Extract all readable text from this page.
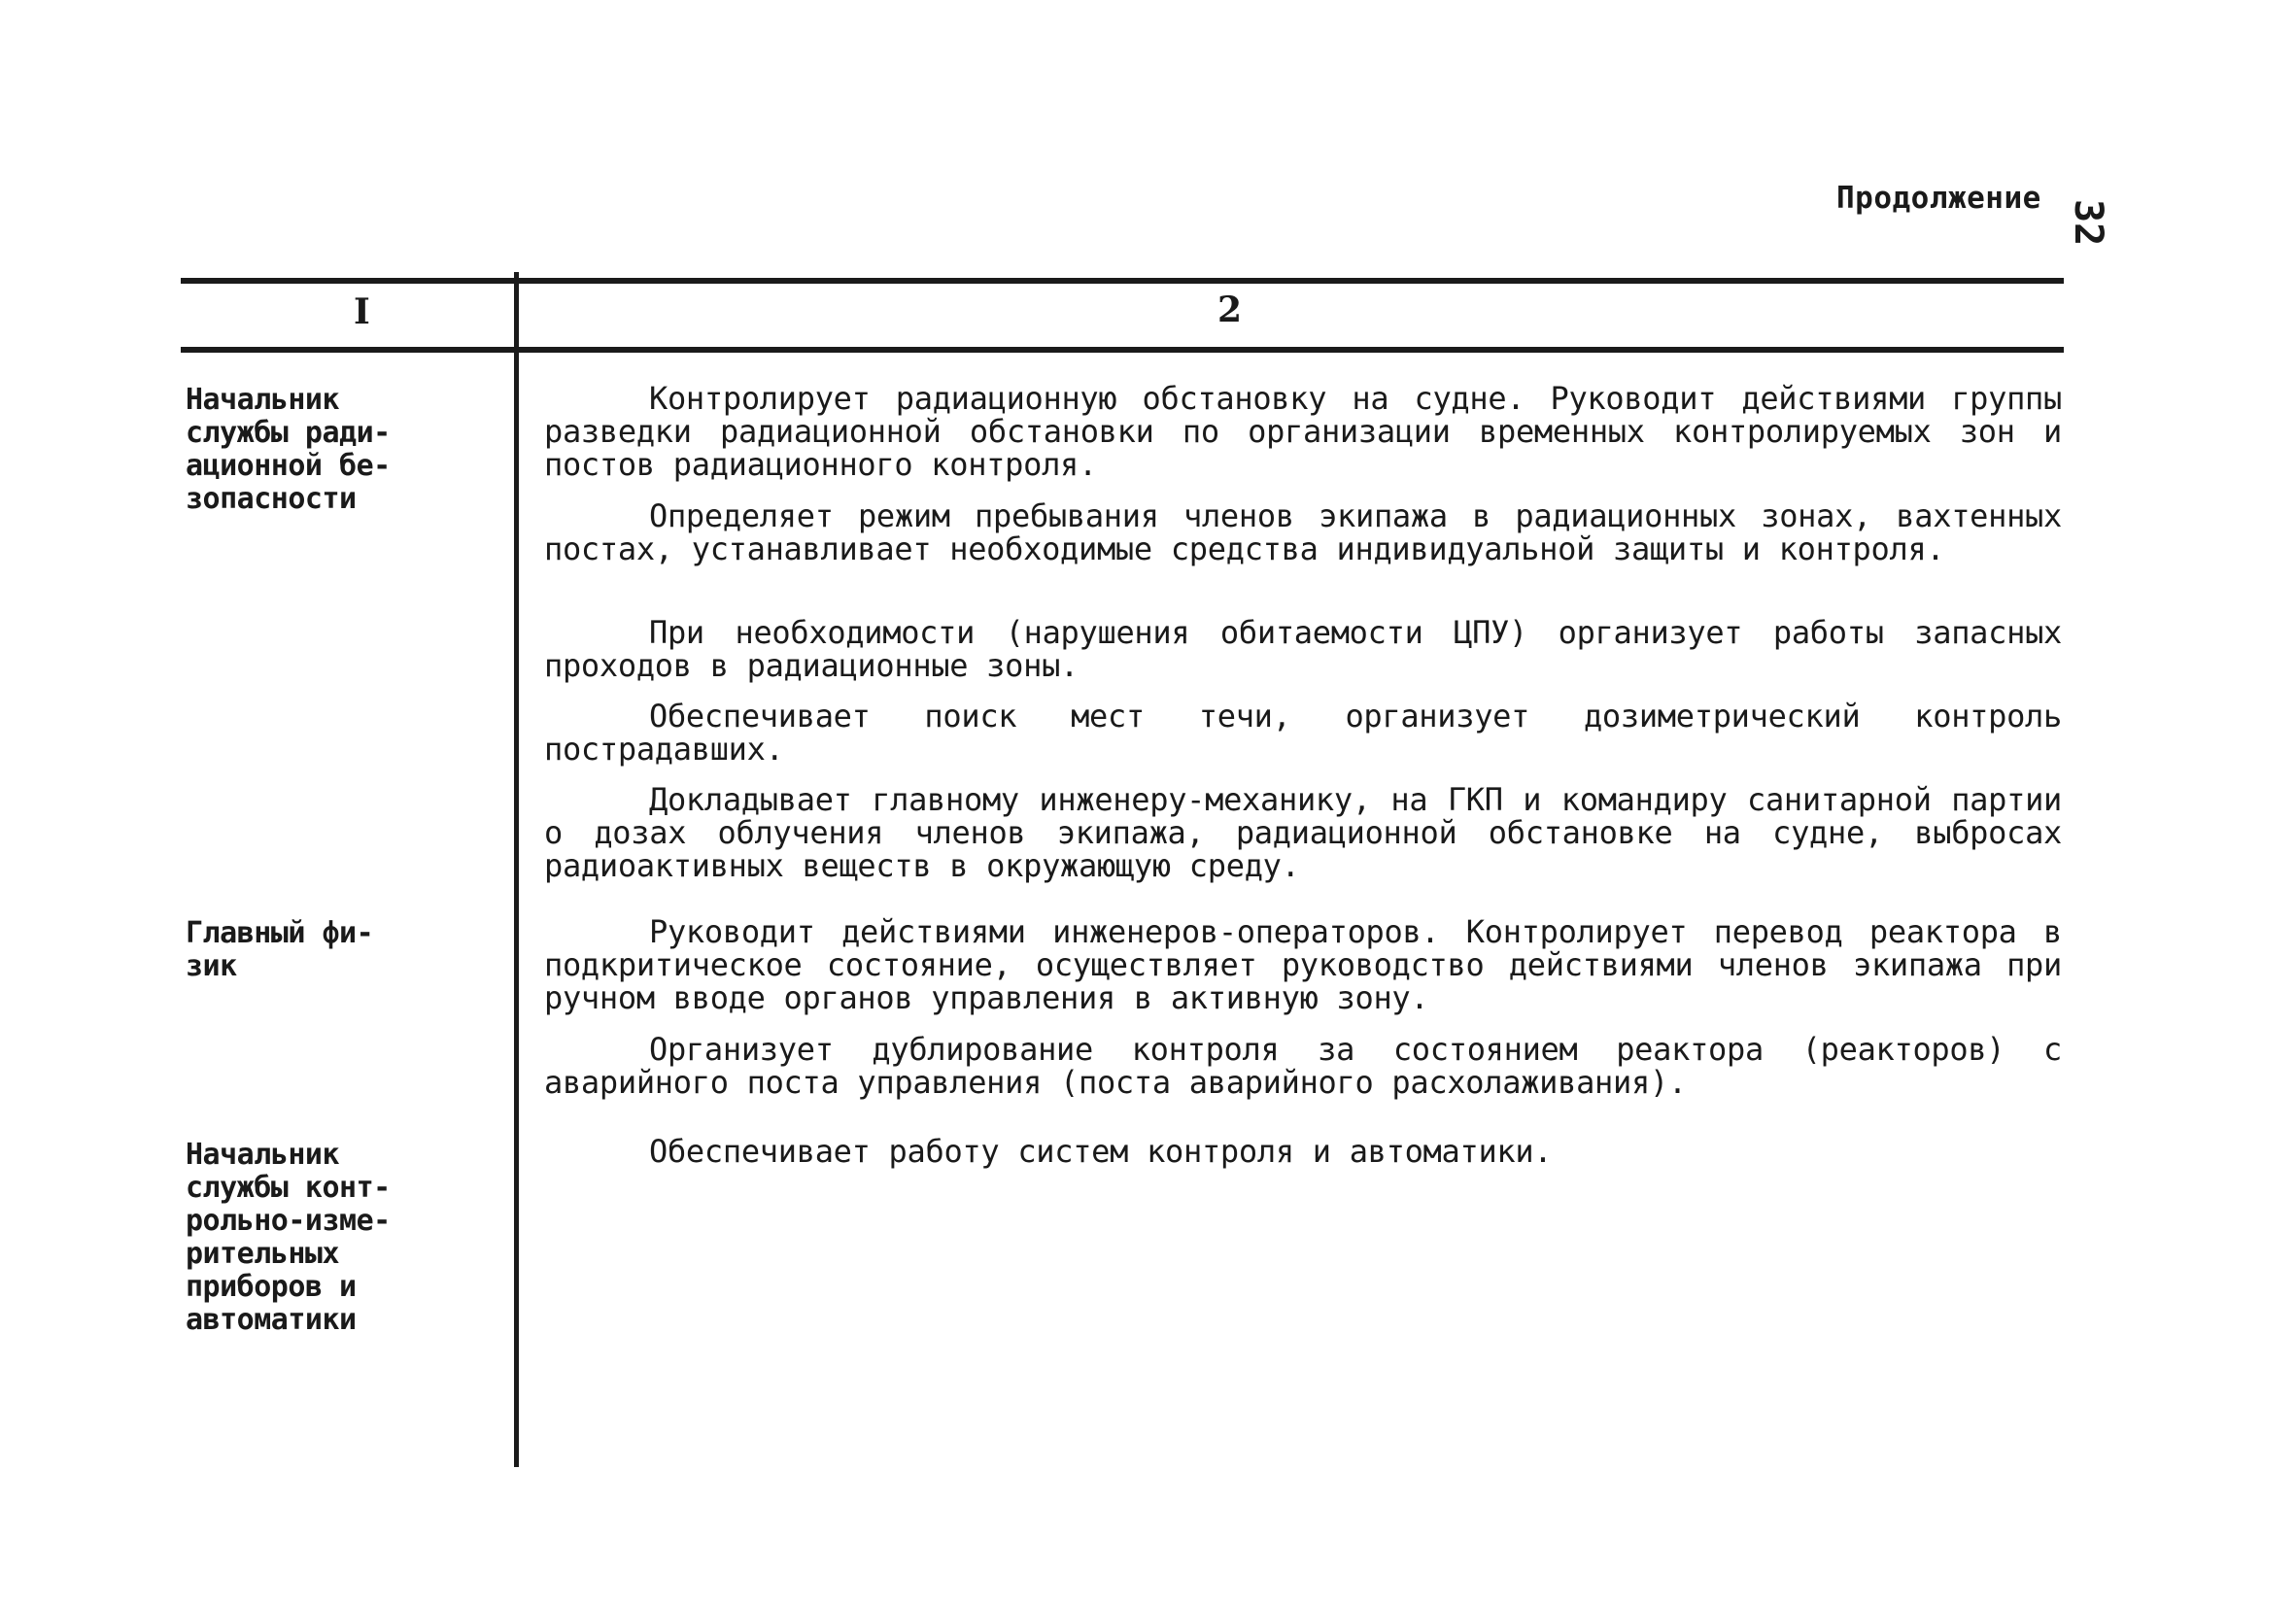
Продолжение
32
I	2
Начальник
службы ради-
ационной бе-
зопасности
Контролирует радиационную обстановку на судне. Руководит действиями группы разведки радиационной обстановки по организации временных контролируемых зон и постов радиационного контроля.
Определяет режим пребывания членов экипажа в радиационных зонах, вахтенных постах, устанавливает необходимые средства индивидуальной защиты и контроля.
При необходимости (нарушения обитаемости ЦПУ) организует работы запасных проходов в радиационные зоны.
Обеспечивает поиск мест течи, организует дозиметрический контроль пострадавших.
Докладывает главному инженеру-механику, на ГКП и командиру санитарной партии о дозах облучения членов экипажа, радиационной обстановке на судне, выбросах радиоактивных веществ в окружающую среду.
Главный фи-
зик
Руководит действиями инженеров-операторов. Контролирует перевод реактора в подкритическое состояние, осуществляет руководство действиями членов экипажа при ручном вводе органов управления в активную зону.
Организует дублирование контроля за состоянием реактора (реакторов) с аварийного поста управления (поста аварийного расхолаживания).
Начальник
службы конт-
рольно-изме-
рительных
приборов и
автоматики
Обеспечивает работу систем контроля и автоматики.
